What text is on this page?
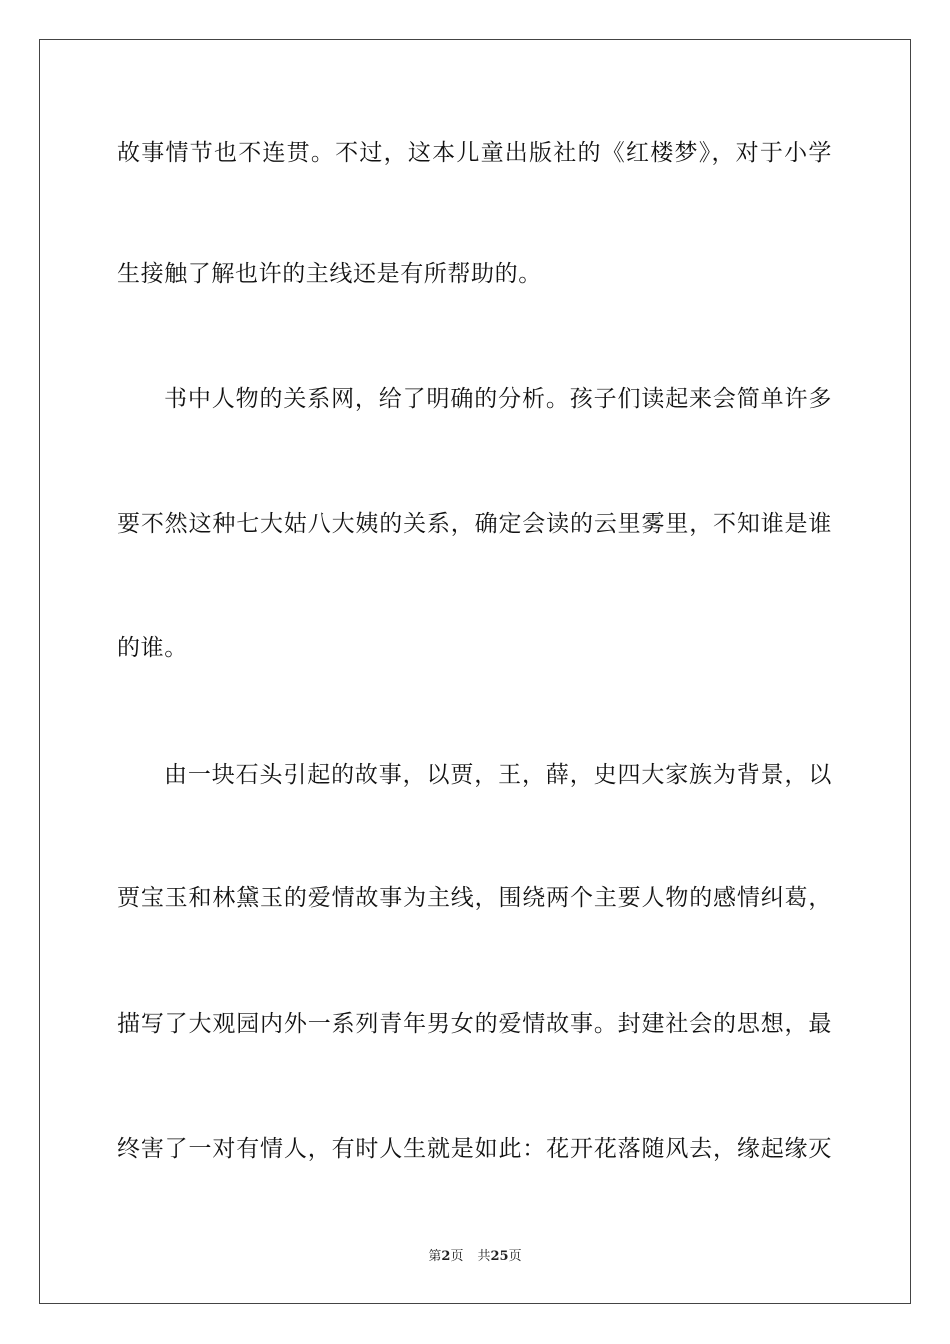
故事情节也不连贯。不过，这本儿童出版社的《红楼梦》，对于小学
生接触了解也许的主线还是有所帮助的。
书中人物的关系网，给了明确的分析。孩子们读起来会简单许多
要不然这种七大姑八大姨的关系，确定会读的云里雾里，不知谁是谁
的谁。
由一块石头引起的故事，以贾，王，薛，史四大家族为背景，以
贾宝玉和林黛玉的爱情故事为主线，围绕两个主要人物的感情纠葛，
描写了大观园内外一系列青年男女的爱情故事。封建社会的思想，最
终害了一对有情人，有时人生就是如此：花开花落随风去，缘起缘灭
第2页 共25页
